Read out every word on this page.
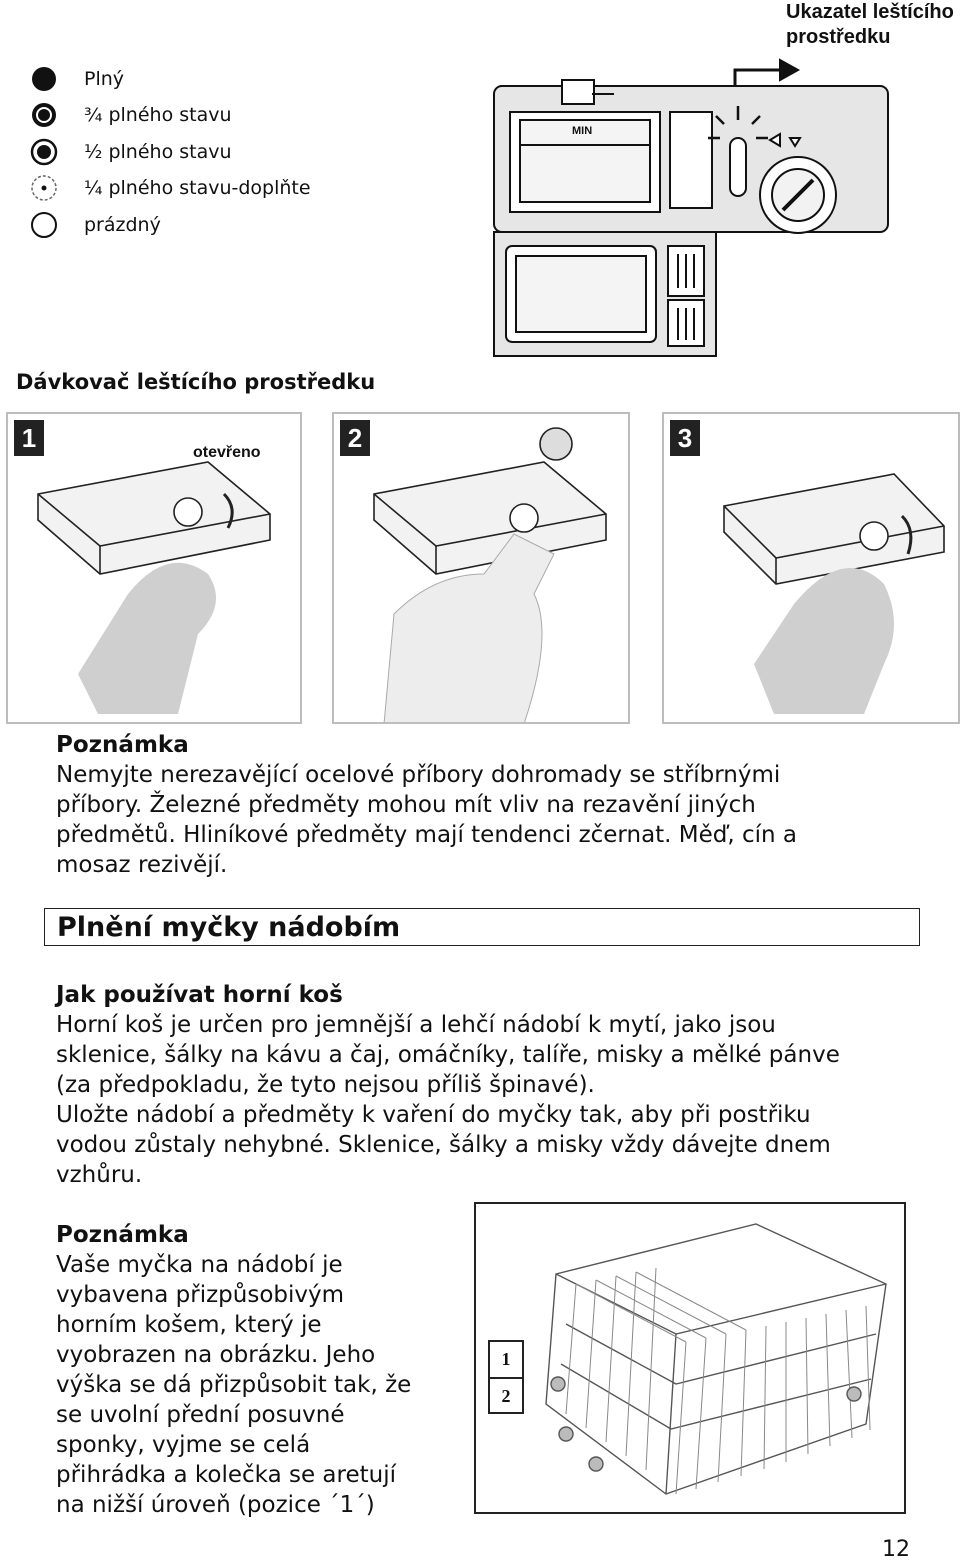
Plný
¾ plného stavu
½ plného stavu
¼ plného stavu-doplňte
prázdný
Ukazatel leštícího prostředku
MIN
Dávkovač leštícího prostředku
1	otevřeno	2	3
Poznámka
Nemyjte nerezavějící ocelové příbory dohromady se stříbrnými
příbory. Železné předměty mohou mít vliv na rezavění jiných
předmětů. Hliníkové předměty mají tendenci zčernat. Měď, cín a
mosaz rezivějí.
Plnění myčky nádobím
Jak používat horní koš
Horní koš je určen pro jemnější a lehčí nádobí k mytí, jako jsou
sklenice, šálky na kávu a čaj, omáčníky, talíře, misky a mělké pánve
(za předpokladu, že tyto nejsou příliš špinavé).
Uložte nádobí a předměty k vaření do myčky tak, aby při postřiku
vodou zůstaly nehybné. Sklenice, šálky a misky vždy dávejte dnem
vzhůru.
Poznámka
Vaše myčka na nádobí je
vybavena přizpůsobivým
horním košem, který je
vyobrazen na obrázku. Jeho
výška se dá přizpůsobit tak, že
se uvolní přední posuvné
sponky, vyjme se celá
přihrádka a kolečka se aretují
na nižší úroveň (pozice ´1´)
1
2
12
